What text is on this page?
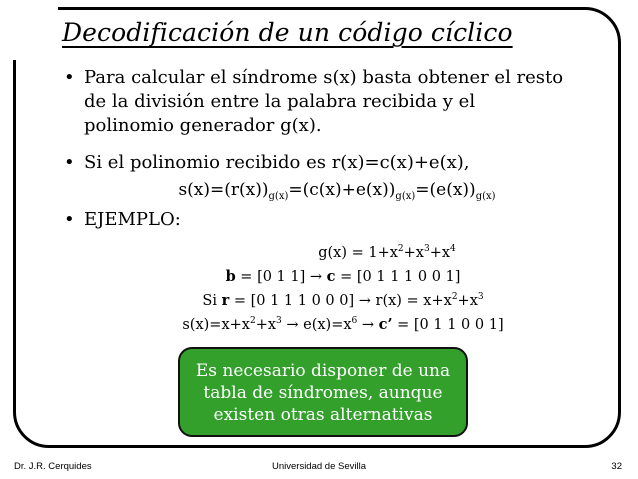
Decodificación de un código cíclico
• Para calcular el síndrome s(x) basta obtener el resto
de la división entre la palabra recibida y el
polinomio generador g(x).
• Si el polinomio recibido es r(x)=c(x)+e(x),
$s(x)=(r(x))_{g(x)}=(c(x)+e(x))_{g(x)}=(e(x))_{g(x)}$
• EJEMPLO:
$g(x) = 1+x^2+x^3+x^4$
b = [0 1 1] → c = [0 1 1 1 0 0 1]
Si r = [0 1 1 1 0 0 $0] \to r(x) = x+x^2+x^3$
$s(x)=x+x^2+x^3 \to e(x)=x^6 \to c$’ = [0 1 1 0 0 1]
Es necesario disponer de una
tabla de síndromes, aunque
existen otras alternativas
Dr. J.R. Cerquides	Universidad de Sevilla	32
